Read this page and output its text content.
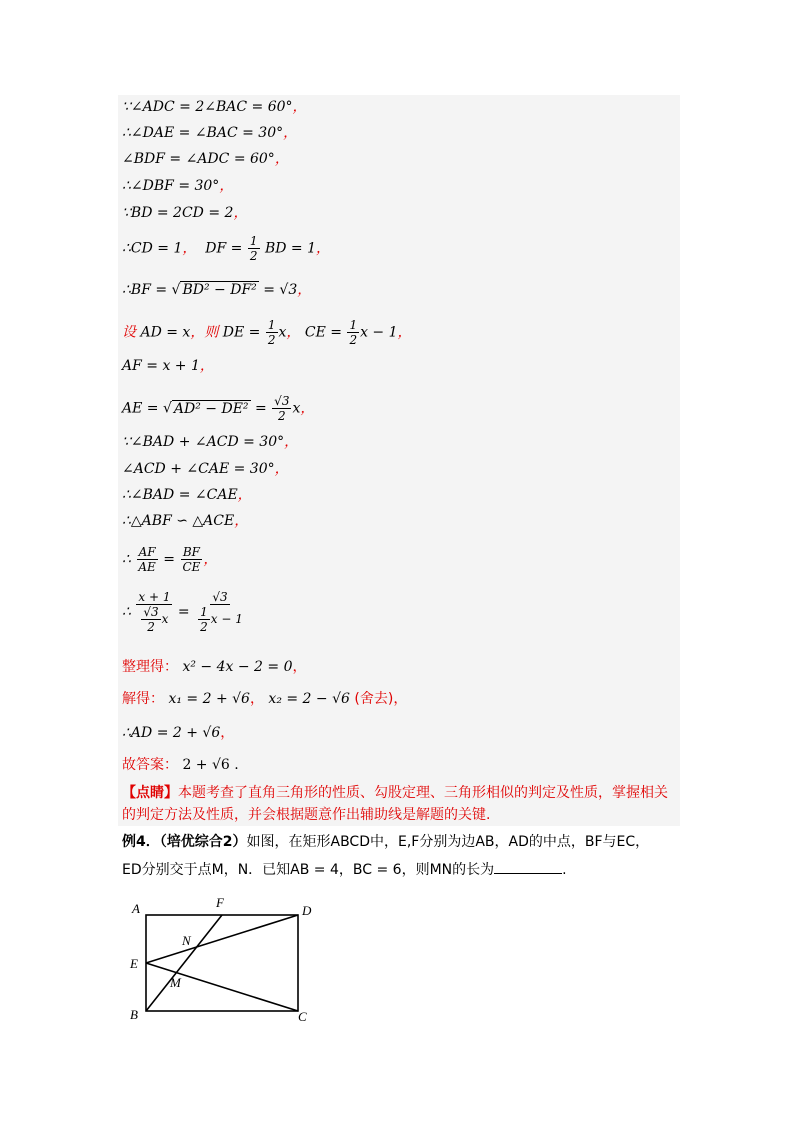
∵∠ADC = 2∠BAC = 60°，
∴∠DAE = ∠BAC = 30°，
∠BDF = ∠ADC = 60°，
∴∠DBF = 30°，
∵BD = 2CD = 2，
∴CD = 1， DF = $\frac{1}{2}$ BD = 1，
∴BF = √ BD² − DF² = √3，
设 AD = x，则 DE = $\frac{1}{2}$ x， CE = $\frac{1}{2}$ x − 1，
AF = x + 1，
AE = √ $AD^2 - DE^2 = \frac{√3}{2}$ x，
∵∠BAD + ∠ACD = 30°，
∠ACD + ∠CAE = 30°，
∴∠BAD = ∠CAE，
∴△ABF ∽ △ACE，
∴ $\frac{AF}{AE} = \frac{BF}{CE}$ ，
∴ $\frac{x + 1}{\frac{√3}{2} x} = \frac{√3}{\frac{1}{2} x - 1}$
整理得： x² − 4x − 2 = 0，
解得： x₁ = 2 + √6， x₂ = 2 − √6 (舍去)，
∴AD = 2 + √6，
故答案： 2 + √6 .
【点睛】本题考查了直角三角形的性质、勾股定理、三角形相似的判定及性质，掌握相关的判定方法及性质，并会根据题意作出辅助线是解题的关键.
例4．（培优综合2）如图，在矩形ABCD中，E,F分别为边AB，AD的中点，BF与EC，
ED分别交于点M，N．已知AB = 4，BC = 6，则MN的长为	.
A	F
D
N
E
M
B	C
